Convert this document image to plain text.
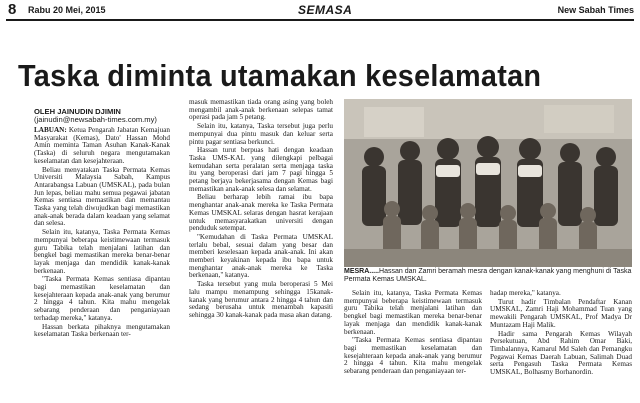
8 Rabu 20 Mei, 2015	SEMASA	New Sabah Times
Taska diminta utamakan keselamatan
OLEH JAINUDIN DJIMIN
(jainudin@newsabah-times.com.my)

LABUAN: Ketua Pengarah Jabatan Kemajuan Masyarakat (Kemas), Dato' Hassan Mohd Amin meminta Taman Asuhan Kanak-Kanak (Taska) di seluruh negara mengutamakan keselamatan dan kesejahteraan.

Beliau menyatakan Taska Permata Kemas Universiti Malaysia Sabah, Kampus Antarabangsa Labuan (UMSKAL), pada bulan Jun lepas, beliau mahu semua pegawai jabatan Kemas sentiasa memastikan dan memantau Taska yang telah diwujudkan bagi memastikan anak-anak berada dalam keadaan yang selamat dan selesa.

Selain itu, katanya, Taska Permata Kemas mempunyai beberapa keistimewaan termasuk guru Tabika telah menjalani latihan dan bengkel bagi memastikan mereka benar-benar layak menjaga dan mendidik kanak-kanak berkenaan.

"Taska Permata Kemas sentiasa dipantau bagi memastikan keselamatan dan kesejahteraan kepada anak-anak yang berumur 2 hingga 4 tahun. Kita mahu mengelak sebarang penderaan dan penganiayaan terhadap mereka," katanya.

Hassan berkata pihaknya mengutamakan keselamatan Taska berkenaan ter-

masuk memastikan tiada orang asing yang boleh mengambil anak-anak berkenaan selepas tamat operasi pada jam 5 petang.

Selain itu, katanya, Taska tersebut juga perlu mempunyai dua pintu masuk dan keluar serta pintu pagar sentiasa berkunci.

Hassan turut berpuas hati dengan keadaan Taska UMS-KAL yang dilengkapi pelbagai kemudahan serta peralatan serta menjaga taska itu yang beroperasi dari jam 7 pagi hingga 5 petang berjaya bekerjasama dengan Kemas bagi memastikan anak-anak selesa dan selamat.

Beliau berharap lebih ramai ibu bapa menghantar anak-anak mereka ke Taska Permata Kemas UMSKAL selaras dengan hasrat kerajaan untuk memasyarakatkan universiti dengan penduduk setempat.

"Kemudahan di Taska Permata UMSKAL terlalu bebal, sesuai dalam yang besar dan memberi keselesaan kepada anak-anak. Ini akan memberi keyakinan kepada ibu bapa untuk menghantar anak-anak mereka ke Taska berkenaan," katanya.

Taska tersebut yang mula beroperasi 5 Mei lalu mampu menampung sehingga 15kanak-kanak yang berumur antara 2 hingga 4 tahun dan sedang berusaha untuk menambah kapasiti sehingga 30 kanak-kanak pada masa akan datang.

MESRA.....Hassan dan Zamri beramah mesra dengan kanak-kanak yang menghuni di Taska Permata Kemas UMSKAL.

Selain itu, katanya, Taska Permata Kemas mempunyai beberapa keistimewaan termasuk guru Tabika telah menjalani latihan dan bengkel bagi memastikan mereka benar-benar layak menjaga dan mendidik kanak-kanak berkenaan.

"Taska Permata Kemas sentiasa dipantau bagi memastikan keselamatan dan kesejahteraan kepada anak-anak yang berumur 2 hingga 4 tahun. Kita mahu mengelak sebarang penderaan dan penganiayaan ter-

hadap mereka," katanya.

Turut hadir Timbalan Pendaftar Kanan UMSKAL, Zamri Haji Mohammad Tuan yang mewakili Pengarah UMSKAL, Prof Madya Dr Muntazam Haji Malik.

Hadir sama Pengarah Kemas Wilayah Persekutuan, Abd Rahim Omar Baki, Timbalannya, Kamarul Md Saleh dan Pemangku Pegawai Kemas Daerah Labuan, Salimah Duad serta Pengasuh Taska Permata Kemas UMSKAL, Bolhasmy Borhanordin.
